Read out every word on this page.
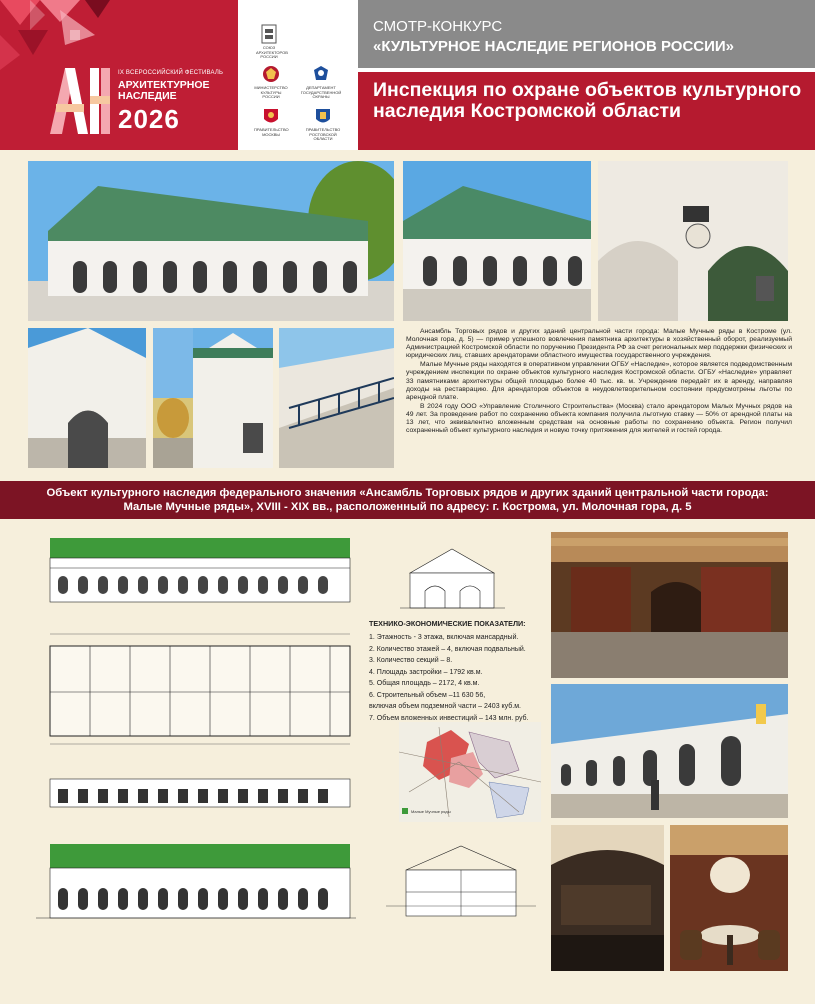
IX ВСЕРОССИЙСКИЙ ФЕСТИВАЛЬ
АРХИТЕКТУРНОЕ НАСЛЕДИЕ
2026
СОЮЗ АРХИТЕКТОРОВ РОССИИ
МИНИСТЕРСТВО КУЛЬТУРЫ РОССИИ
ДЕПАРТАМЕНТ ГОСУДАРСТВЕННОЙ ОХРАНЫ
ПРАВИТЕЛЬСТВО МОСКВЫ
ПРАВИТЕЛЬСТВО РОСТОВСКОЙ ОБЛАСТИ
СМОТР-КОНКУРС
«КУЛЬТУРНОЕ НАСЛЕДИЕ РЕГИОНОВ РОССИИ»
Инспекция по охране объектов культурного наследия Костромской области

Ансамбль Торговых рядов и других зданий центральной части города: Малые Мучные ряды в Костроме (ул. Молочная гора, д. 5) — пример успешного вовлечения памятника архитектуры в хозяйственный оборот, реализуемый Администрацией Костромской области по поручению Президента РФ за счет региональных мер поддержки физических и юридических лиц, ставших арендаторами областного имущества государственного учреждения.

Малые Мучные ряды находятся в оперативном управлении ОГБУ «Наследие», которое является подведомственным учреждением инспекции по охране объектов культурного наследия Костромской области. ОГБУ «Наследие» управляет 33 памятниками архитектуры общей площадью более 40 тыс. кв. м. Учреждение передаёт их в аренду, направляя доходы на реставрацию. Для арендаторов объектов в неудовлетворительном состоянии предусмотрены льготы по арендной плате.

В 2024 году ООО «Управление Столичного Строительства» (Москва) стало арендатором Малых Мучных рядов на 49 лет. За проведение работ по сохранению объекта компания получила льготную ставку — 50% от арендной платы на 13 лет, что эквивалентно вложенным средствам на основные работы по сохранению объекта. Регион получил сохраненный объект культурного наследия и новую точку притяжения для жителей и гостей города.

Объект культурного наследия федерального значения «Ансамбль Торговых рядов и других зданий центральной части города:
Малые Мучные ряды», XVIII - XIX вв., расположенный по адресу: г. Кострома, ул. Молочная гора, д. 5
ТЕХНИКО-ЭКОНОМИЧЕСКИЕ ПОКАЗАТЕЛИ:
1. Этажность - 3 этажа, включая мансардный.
2. Количество этажей – 4, включая подвальный.
3. Количество секций – 8.
4. Площадь застройки – 1792 кв.м.
5. Общая площадь – 2172, 4 кв.м.
6. Строительный объем –11 630 56,
включая объем подземной части – 2403 куб.м.
7. Объем вложенных инвестиций – 143 млн. руб.
Малые Мучные ряды
